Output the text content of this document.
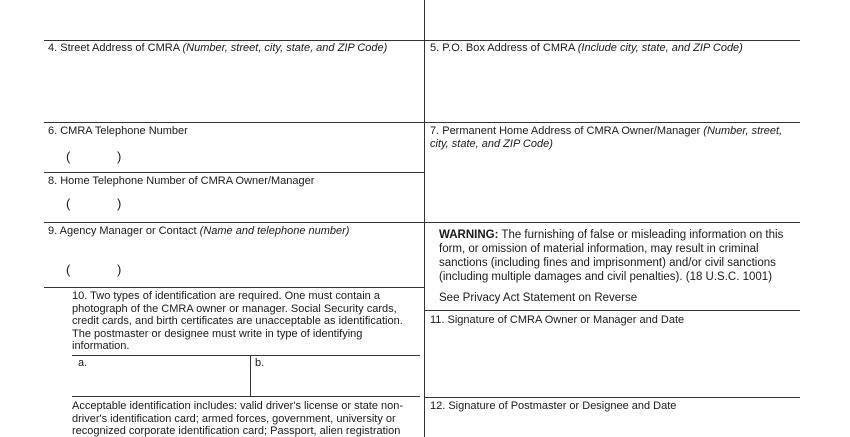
4. Street Address of CMRA (Number, street, city, state, and ZIP Code)	5. P.O. Box Address of CMRA (Include city, state, and ZIP Code)
6. CMRA Telephone Number
(	)
7. Permanent Home Address of CMRA Owner/Manager (Number, street, city, state, and ZIP Code)
8. Home Telephone Number of CMRA Owner/Manager
(	)
9. Agency Manager or Contact (Name and telephone number)
(	)
WARNING: The furnishing of false or misleading information on this form, or omission of material information, may result in criminal sanctions (including fines and imprisonment) and/or civil sanctions (including multiple damages and civil penalties). (18 U.S.C. 1001)
See Privacy Act Statement on Reverse
10. Two types of identification are required. One must contain a photograph of the CMRA owner or manager. Social Security cards, credit cards, and birth certificates are unacceptable as identification. The postmaster or designee must write in type of identifying information.
a.	b.
Acceptable identification includes: valid driver's license or state non-driver's identification card; armed forces, government, university or recognized corporate identification card; Passport, alien registration
11. Signature of CMRA Owner or Manager and Date
12. Signature of Postmaster or Designee and Date
